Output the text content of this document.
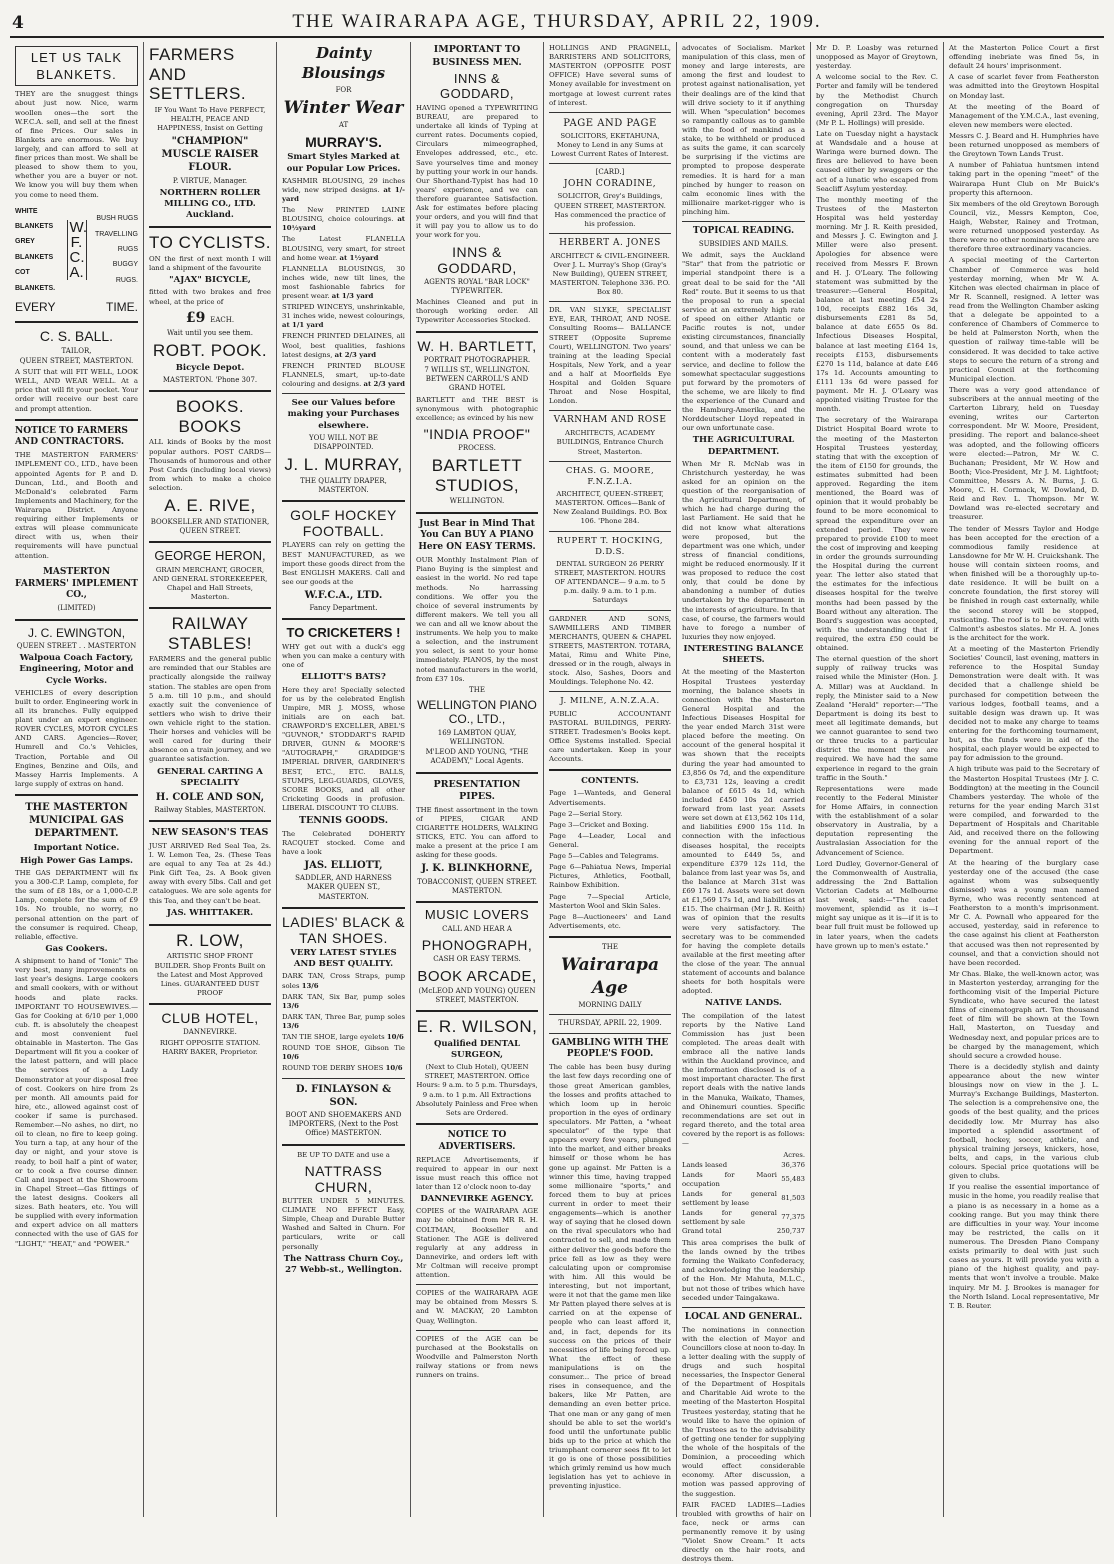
4	THE WAIRARAPA AGE, THURSDAY, APRIL 22, 1909.
LET US TALK BLANKETS.
THEY are the snuggest things about just now. Nice, warm woollen ones—the sort the W.F.C.A. sell, and sell at the finest of fine Prices. Our sales in Blankets are enormous. We buy largely, and can afford to sell at finer prices than most. We shall be pleased to show them to you, whether you are a buyer or not. We know you will buy them when you come to need them.
WHITE BLANKETS
GREY BLANKETS
COT BLANKETS.
W. F. C. A.
BUSH RUGS
TRAVELLING RUGS
BUGGY RUGS.
EVERY	TIME.
C. S. BALL.
TAILOR,
QUEEN STREET, MASTERTON.
A SUIT that will FIT WELL, LOOK WELL, AND WEAR WELL. At a price that will fit your pocket. Your order will receive our best care and prompt attention.
NOTICE TO FARMERS AND CONTRACTORS.
THE MASTERTON FARMERS' IMPLEMENT CO., LTD., have been appointed Agents for P. and D. Duncan, Ltd., and Booth and McDonald's celebrated Farm Implements and Machinery, for the Wairarapa District. Anyone requiring either Implements or extras will please communicate direct with us, when their requirements will have punctual attention.
MASTERTON FARMERS' IMPLEMENT CO.,
(LIMITED)
J. C. EWINGTON,
QUEEN STREET . . MASTERTON
Walpoua Coach Factory, Engineering, Motor and Cycle Works.
VEHICLES of every description built to order. Engineering work in all its branches. Fully equipped plant under an expert engineer. ROVER CYCLES, MOTOR CYCLES AND CARS. Agencies—Rover, Humrell and Co.'s Vehicles, Traction, Portable and Oil Engines, Benzine and Oils, and Massey Harris Implements. A large supply of extras on hand.
THE MASTERTON MUNICIPAL GAS DEPARTMENT.
Important Notice.
High Power Gas Lamps.
THE GAS DEPARTMENT will fix you a 300-C.P. Lamp, complete, for the sum of £8 18s, or a 1,000-C.P. Lamp, complete for the sum of £9 10s. No trouble, no worry, no personal attention on the part of the consumer is required. Cheap, reliable, effective.
Gas Cookers.
A shipment to hand of "Ionic" The very best, many improvements on last year's designs. Large cookers and small cookers, with or without hoods and plate racks. IMPORTANT TO HOUSEWIVES.—Gas for Cooking at 6/10 per 1,000 cub. ft. is absolutely the cheapest and most convenient fuel obtainable in Masterton. The Gas Department will fit you a cooker of the latest pattern, and will place the services of a Lady Demonstrator at your disposal free of cost. Cookers on hire from 2s per month. All amounts paid for hire, etc., allowed against cost of cooker if same is purchased. Remember.—No ashes, no dirt, no oil to clean, no fire to keep going. You turn a tap, at any hour of the day or night, and your stove is ready, to boil half a pint of water, or to cook a five course dinner. Call and inspect at the Showroom in Chapel Street—Gas fittings of the latest designs. Cookers all sizes. Bath heaters, etc. You will be supplied with every information and expert advice on all matters connected with the use of GAS for "LIGHT," "HEAT," and "POWER."
FARMERS AND SETTLERS.
IF You Want To Have PERFECT, HEALTH, PEACE AND HAPPINESS, Insist on Getting
"CHAMPION" MUSCLE RAISER FLOUR.
P. VIRTUE, Manager.
NORTHERN ROLLER MILLING CO., LTD. Auckland.
TO CYCLISTS.
ON the first of next month I will land a shipment of the favourite
"AJAX" BICYCLE,
fitted with two brakes and free wheel, at the price of
£9 EACH.
Wait until you see them.
ROBT. POOK.
Bicycle Depot.
MASTERTON. 'Phone 307.
BOOKS. BOOKS
ALL kinds of Books by the most popular authors. POST CARDS—Thousands of humorous and other Post Cards (including local views) from which to make a choice selection.
A. E. RIVE,
BOOKSELLER AND STATIONER, QUEEN STREET.
GEORGE HERON,
GRAIN MERCHANT, GROCER, AND GENERAL STOREKEEPER, Chapel and Hall Streets, Masterton.
RAILWAY STABLES!
FARMERS and the general public are reminded that our Stables are practically alongside the railway station. The stables are open from 5 a.m. till 10 p.m., and should exactly suit the convenience of settlers who wish to drive their own vehicle right to the station. Their horses and vehicles will be well cared for during their absence on a train journey, and we guarantee satisfaction.
GENERAL CARTING A SPECIALITY
H. COLE AND SON,
Railway Stables, MASTERTON.
NEW SEASON'S TEAS
JUST ARRIVED Red Seal Tea, 2s. I. W. Lemon Tea, 2s. (These Teas are equal to any Tea at 2s 4d.) Pink Gift Tea, 2s. A Book given away with every 5lbs. Call and get catalogues. We are sole agents for this Tea, and they can't be beat.
JAS. WHITTAKER.
R. LOW,
ARTISTIC SHOP FRONT BUILDER. Shop Fronts Built on the Latest and Most Approved Lines. GUARANTEED DUST PROOF
CLUB HOTEL,
DANNEVIRKE.
RIGHT OPPOSITE STATION. HARRY BAKER, Proprietor.
Dainty Blousings
FOR
Winter Wear
AT
MURRAY'S.
Smart Styles Marked at our Popular Low Prices.
KASHMIR BLOUSING, 29 inches wide, new striped designs. at 1/-yard
The New PRINTED LAINE BLOUSING, choice colourings. at 10½yard
The Latest FLANELLA BLOUSING, very smart, for street and home wear. at 1½yard
FLANNELLA BLOUSINGS, 30 inches wide, new tilt lines, the most fashionable fabrics for present wear. at 1/3 yard
STRIPED WINCEYS, unshrinkable, 31 inches wide, newest colourings, at 1/1 yard
FRENCH PRINTED DELAINES, all Wool, best qualities, fashions latest designs, at 2/3 yard
FRENCH PRINTED BLOUSE FLANNELS, smart, up-to-date colouring and designs. at 2/3 yard
See our Values before making your Purchases elsewhere.
YOU WILL NOT BE DISAPPOINTED.
J. L. MURRAY,
THE QUALITY DRAPER, MASTERTON.
GOLF HOCKEY FOOTBALL.
PLAYERS can rely on getting the BEST MANUFACTURED, as we import these goods direct from the Best ENGLISH MAKERS. Call and see our goods at the
W.F.C.A., LTD.
Fancy Department.
TO CRICKETERS !
WHY get out with a duck's egg when you can make a century with one of
ELLIOTT'S BATS?
Here they are! Specially selected for us by the celebrated English Umpire, MR J. MOSS, whose initials are on each bat. CRAWFORD'S EXCELLER, ABEL'S "GUVNOR," STODDART'S RAPID DRIVER, GUNN & MOORE'S "AUTOGRAPH," GRADIDGE'S IMPERIAL DRIVER, GARDINER'S BEST, ETC., ETC. BALLS, STUMPS, LEG-GUARDS, GLOVES, SCORE BOOKS, and all other Cricketing Goods in profusion. LIBERAL DISCOUNT TO CLUBS.
TENNIS GOODS.
The Celebrated DOHERTY RACQUET stocked. Come and have a look
JAS. ELLIOTT,
SADDLER, AND HARNESS MAKER QUEEN ST., MASTERTON.
LADIES' BLACK & TAN SHOES.
VERY LATEST STYLES AND BEST QUALITY.
DARK TAN, Cross Straps, pump soles 13/6
DARK TAN, Six Bar, pump soles 13/6
DARK TAN, Three Bar, pump soles 13/6
TAN TIE SHOE, large eyelets 10/6
ROUND TOE SHOE, Gibson Tie 10/6
ROUND TOE DERBY SHOES 10/6
D. FINLAYSON & SON.
BOOT AND SHOEMAKERS AND IMPORTERS, (Next to the Post Office) MASTERTON.
BE UP TO DATE and use a
NATTRASS CHURN,
BUTTER UNDER 5 MINUTES. CLIMATE NO EFFECT Easy, Simple, Cheap and Durable Butter Washed and Salted in Churn. For particulars, write or call personally
The Nattrass Churn Coy., 27 Webb-st., Wellington.
IMPORTANT TO BUSINESS MEN.
INNS & GODDARD,
HAVING opened a TYPEWRITING BUREAU, are prepared to undertake all kinds of Typing at current rates. Documents copied, Circulars mimeographed, Envelopes addressed, etc., etc. Save yourselves time and money by putting your work in our hands. Our Shorthand-Typist has had 10 years' experience, and we can therefore guarantee Satisfaction. Ask for estimates before placing your orders, and you will find that it will pay you to allow us to do your work for you.
INNS & GODDARD,
AGENTS ROYAL "BAR LOCK" TYPEWRITER.
Machines Cleaned and put in thorough working order. All Typewriter Accessories Stocked.
W. H. BARTLETT,
PORTRAIT PHOTOGRAPHER.
7 WILLIS ST., WELLINGTON. BETWEEN CARROLL'S AND GRAND HOTEL
BARTLETT and THE BEST is synonymous with photographic excellence; as evinced by his new
"INDIA PROOF"
PROCESS.
BARTLETT STUDIOS,
WELLINGTON.
Just Bear in Mind That You Can BUY A PIANO Here ON EASY TERMS.
OUR Monthly Instalment Plan of Piano Buying is the simplest and easiest in the world. No red tape methods. No harrassing conditions. We offer you the choice of several instruments by different makers. We tell you all we can and all we know about the instruments. We help you to make a selection, and the instrument you select, is sent to your home immediately. PIANOS, by the most noted manufacturers in the world, from £37 10s.
THE
WELLINGTON PIANO CO., LTD.,
169 LAMBTON QUAY, WELLINGTON.
M'LEOD AND YOUNG, "THE ACADEMY," Local Agents.
PRESENTATION PIPES.
THE finest assortment in the town of PIPES, CIGAR AND CIGARETTE HOLDERS, WALKING STICKS, ETC. You can afford to make a present at the price I am asking for these goods.
J. K. BLINKHORNE,
TOBACCONIST, QUEEN STREET. MASTERTON.
MUSIC LOVERS
CALL AND HEAR A
PHONOGRAPH,
CASH OR EASY TERMS.
BOOK ARCADE,
(McLEOD AND YOUNG) QUEEN STREET, MASTERTON.
E. R. WILSON,
Qualified DENTAL SURGEON,
(Next to Club Hotel), QUEEN STREET, MASTERTON. Office Hours: 9 a.m. to 5 p.m. Thursdays, 9 a.m. to 1 p.m. All Extractions Absolutely Painless and Free when Sets are Ordered.
NOTICE TO ADVERTISERS.
REPLACE Advertisements, if required to appear in our next issue must reach this office not later than 12 o'clock noon to-day
DANNEVIRKE AGENCY.
COPIES of the WAIRARAPA AGE may be obtained from MR R. H. COLTMAN, Bookseller and Stationer. The AGE is delivered regularly at any address in Dannevirke, and orders left with Mr Coltman will receive prompt attention.
COPIES of the WAIRARAPA AGE may be obtained from Messrs S. and W. MACKAY, 20 Lambton Quay, Wellington.
COPIES of the AGE can be purchased at the Bookstalls on Woodville and Palmerston North railway stations or from news runners on trains.
HOLLINGS AND PRAGNELL, BARRISTERS AND SOLICITORS, MASTERTON (OPPOSITE POST OFFICE) Have several sums of Money available for investment on mortgage at lowest current rates of interest.
PAGE AND PAGE
SOLICITORS, EKETAHUNA, Money to Lend in any Sums at Lowest Current Rates of Interest.
[CARD.]
JOHN CORADINE,
SOLICITOR, Grey's Buildings, QUEEN STREET, MASTERTON. Has commenced the practice of his profession.
HERBERT A. JONES
ARCHITECT & CIVIL-ENGINEER. Over J. L. Murray's Shop (Gray's New Building), QUEEN STREET, MASTERTON. Telephone 336. P.O. Box 80.
DR. VAN SLYKE, SPECIALIST EYE, EAR, THROAT, AND NOSE. Consulting Rooms— BALLANCE STREET (Opposite Supreme Court), WELLINGTON. Two years' training at the leading Special Hospitals, New York, and a year and a half at Moorfields Eye Hospital and Golden Square Throat and Nose Hospital, London.
VARNHAM AND ROSE
ARCHITECTS, ACADEMY BUILDINGS, Entrance Church Street, Masterton.
CHAS. G. MOORE, F.N.Z.I.A.
ARCHITECT, QUEEN-STREET, MASTERTON. Offices—Bank of New Zealand Buildings. P.O. Box 106. 'Phone 284.
RUPERT T. HOCKING, D.D.S.
DENTAL SURGEON 26 PERRY STREET, MASTERTON. HOURS OF ATTENDANCE— 9 a.m. to 5 p.m. daily. 9 a.m. to 1 p.m. Saturdays
GARDNER AND SONS, SAWMILLERS AND TIMBER MERCHANTS, QUEEN & CHAPEL STREETS, MASTERTON. TOTARA, Matai, Rimu and White Pine, dressed or in the rough, always in stock. Also, Sashes, Doors and Mouldings. Telephone No. 42.
J. MILNE, A.N.Z.A.A.
PUBLIC ACCOUNTANT PASTORAL BUILDINGS, PERRY-STREET. Tradesmen's Books kept. Office Systems installed. Special care undertaken. Keep in your Accounts.
CONTENTS.
Page 1—Wanteds, and General Advertisements.
Page 2—Serial Story.
Page 3—Cricket and Boxing.
Page 4—Leader, Local and General.
Page 5—Cables and Telegrams.
Page 6—Pahiatua News, Imperial Pictures, Athletics, Football, Rainbow Exhibition.
Page 7—Special Article, Masterton Wool and Skin Sales.
Page 8—Auctioneers' and Land Advertisements, etc.
THE
Wairarapa Age
MORNING DAILY
THURSDAY, APRIL 22, 1909.
GAMBLING WITH THE PEOPLE'S FOOD.
The cable has been busy during the last few days recording one of those great American gambles, the losses and profits attached to which loom up in heroic proportion in the eyes of ordinary speculators. Mr Patten, a "wheat speculator" of the type that appears every few years, plunged into the market, and either breaks himself or those whom he has gone up against. Mr Patten is a winner this time, having trapped some millionaire "sports," and forced them to buy at prices current in order to meet their engagements—which is another way of saying that he closed down on the rival speculators who had contracted to sell, and made them either deliver the goods before the price fell as low as they were calculating upon or compromise with him. All this would be interesting, but not important, were it not that the game men like Mr Patten played there selves at is carried on at the expense of people who can least afford it, and, in fact, depends for its success on the prices of their necessities of life being forced up. What the effect of these manipulations is on the consumer... The price of bread rises in consequence, and the bakers, like Mr Patten, are demanding an even better price. That one man or any gang of men should be able to set the world's food until the unfortunate public bids up to the price at which the triumphant cornerer sees fit to let it go is one of those possibilities which grimly remind us how much legislation has yet to achieve in preventing injustice.
advocates of Socialism. Market manipulation of this class, men of money and large interests, are among the first and loudest to protest against nationalisation, yet their dealings are of the kind that will drive society to it if anything will. When "speculation" becomes so rampantly callous as to gamble with the food of mankind as a stake, to be withheld or produced as suits the game, it can scarcely be surprising if the victims are prompted to propose desperate remedies. It is hard for a man pinched by hunger to reason on calm economic lines with the millionaire market-rigger who is pinching him.
TOPICAL READING.
SUBSIDIES AND MAILS.
We admit, says the Auckland "Star" that from the patriotic or imperial standpoint there is a great deal to be said for the "All Red" route. But it seems to us that the proposal to run a special service at an extremely high rate of speed on either Atlantic or Pacific routes is not, under existing circumstances, financially sound, and that unless we can be content with a moderately fast service, and decline to follow the somewhat spectacular suggestions put forward by the promoters of the scheme, we are likely to find the experience of the Cunard and the Hamburg-Amerika, and the Norddeutscher Lloyd repeated in our own unfortunate case.
THE AGRICULTURAL DEPARTMENT.
When Mr R. McNab was in Christchurch yesterday, he was asked for an opinion on the question of the reorganisation of the Agricultural Department, of which he had charge during the last Parliament. He said that he did not know what alterations were proposed, but the department was one which, under stress of financial conditions, might be reduced enormously. If it was proposed to reduce the cost only, that could be done by abandoning a number of duties undertaken by the department in the interests of agriculture. In that case, of course, the farmers would have to forego a number of luxuries they now enjoyed.
INTERESTING BALANCE SHEETS.
At the meeting of the Masterton Hospital Trustees yesterday morning, the balance sheets in connection with the Masterton General Hospital and the Infectious Diseases Hospital for the year ended March 31st were placed before the meeting. On account of the general hospital it was shown that the receipts during the year had amounted to £3,856 0s 7d, and the expenditure to £3,731 12s, leaving a credit balance of £615 4s 1d, which included £450 10s 2d carried forward from last year. Assets were set down at £13,562 10s 11d, and liabilities £900 15s 11d. In connection with the infectious diseases hospital, the receipts amounted to £449 5s, and expenditure £379 12s 11d, the balance from last year was 5s, and the balance at March 31st was £69 17s 1d. Assets were set down at £1,569 17s 1d, and liabilities at £15. The chairman (Mr J. R. Keith) was of opinion that the results were very satisfactory. The secretary was to be commended for having the complete details available at the first meeting after the close of the year. The annual statement of accounts and balance sheets for both hospitals were adopted.
NATIVE LANDS.
The compilation of the latest reports by the Native Land Commission has just been completed. The areas dealt with embrace all the native lands within the Auckland province, and the information disclosed is of a most important character. The first report deals with the native lands in the Manuka, Waikato, Thames, and Ohinemuri counties. Specific recommendations are set out in regard thereto, and the total area covered by the report is as follows:—
	Acres.
Lands leased	36,376
Lands for Maori occupation	55,483
Lands for general settlement by lease	81,503
Lands for general settlement by sale	77,375
Grand total	250,737
This area comprises the bulk of the lands owned by the tribes forming the Waikato Confederacy, and acknowledging the leadership of the Hon. Mr Mahuta, M.L.C., but not those of tribes which have seceded under Taingakawa.
LOCAL AND GENERAL.
The nominations in connection with the election of Mayor and Councillors close at noon to-day. In a letter dealing with the supply of drugs and such hospital necessaries, the Inspector General of the Department of Hospitals and Charitable Aid wrote to the meeting of the Masterton Hospital Trustees yesterday, stating that he would like to have the opinion of the Trustees as to the advisability of getting one tender for supplying the whole of the hospitals of the Dominion, a proceeding which would effect considerable economy. After discussion, a motion was passed approving of the suggestion.
FAIR FACED LADIES—Ladies troubled with growths of hair on face, neck or arms can permanently remove it by using "Violet Snow Cream." It acts directly on the hair roots, and destroys them.
Mr D. P. Loasby was returned unopposed as Mayor of Greytown, yesterday.
A welcome social to the Rev. C. Porter and family will be tendered by the Methodist Church congregation on Thursday evening, April 23rd. The Mayor (Mr P. L. Hollings) will preside.
Late on Tuesday night a haystack at Wandsdale and a house at Waringa were burned down. The fires are believed to have been caused either by swaggers or the act of a lunatic who escaped from Seacliff Asylum yesterday.
The monthly meeting of the Trustees of the Masterton Hospital was held yesterday morning. Mr J. R. Keith presided, and Messrs J. C. Ewington and J. Miller were also present. Apologies for absence were received from Messrs F. Brown and H. J. O'Leary. The following statement was submitted by the treasurer:—General Hospital, balance at last meeting £54 2s 10d, receipts £882 16s 3d, disbursements £281 8s 5d, balance at date £655 0s 8d. Infectious Diseases Hospital, balance at last meeting £164 1s, receipts £153, disbursements £270 1s 11d, balance at date £46 17s 1d. Accounts amounting to £111 13s 6d were passed for payment. Mr H. J. O'Leary was appointed visiting Trustee for the month.
The secretary of the Wairarapa District Hospital Board wrote to the meeting of the Masterton Hospital Trustees yesterday, stating that with the exception of the item of £150 for grounds, the estimates submitted had been approved. Regarding the item mentioned, the Board was of opinion that it would probably be found to be more economical to spread the expenditure over an extended period. They were prepared to provide £100 to meet the cost of improving and keeping in order the grounds surrounding the Hospital during the current year. The letter also stated that the estimates for the infectious diseases hospital for the twelve months had been passed by the Board without any alteration. The Board's suggestion was accepted, with the understanding that if required, the extra £50 could be obtained.
The eternal question of the short supply of railway trucks was raised while the Minister (Hon. J. A. Millar) was at Auckland. In reply, the Minister said to a New Zealand "Herald" reporter:—"The Department is doing its best to meet all legitimate demands, but we cannot guarantee to send two or three trucks to a particular district the moment they are required. We have had the same experience in regard to the grain traffic in the South."
Representations were made recently to the Federal Minister for Home Affairs, in connection with the establishment of a solar observatory in Australia, by a deputation representing the Australasian Association for the Advancement of Science.
Lord Dudley, Governor-General of the Commonwealth of Australia, addressing the 2nd Battalion Victorian Cadets at Melbourne last week, said:—"The cadet movement, splendid as it is—I might say unique as it is—if it is to bear full fruit must be followed up in later years, when the cadets have grown up to men's estate."
At the Masterton Police Court a first offending inebriate was fined 5s, in default 24 hours' imprisonment.
A case of scarlet fever from Featherston was admitted into the Greytown Hospital on Monday last.
At the meeting of the Board of Management of the Y.M.C.A., last evening, eleven new members were elected.
Messrs C. J. Beard and H. Humphries have been returned unopposed as members of the Greytown Town Lands Trust.
A number of Pahiatua huntsmen intend taking part in the opening "meet" of the Wairarapa Hunt Club on Mr Buick's property this afternoon.
Six members of the old Greytown Borough Council, viz., Messrs Kempton, Coe, Haigh, Webster, Rainey and Trotman, were returned unopposed yesterday. As there were no other nominations there are therefore three extraordinary vacancies.
A special meeting of the Carterton Chamber of Commerce was held yesterday morning, when Mr W. A. Kitchen was elected chairman in place of Mr R. Scannell, resigned. A letter was read from the Wellington Chamber asking that a delegate be appointed to a conference of Chambers of Commerce to be held at Palmerston North, when the question of railway time-table will be considered. It was decided to take active steps to secure the return of a strong and practical Council at the forthcoming Municipal election.
There was a very good attendance of subscribers at the annual meeting of the Carterton Library, held on Tuesday evening, writes our Carterton correspondent. Mr W. Moore, President, presiding. The report and balance-sheet was adopted, and the following officers were elected:—Patron, Mr W. C. Buchanan; President, Mr W. How and Booth; Vice-President, Mr J. M. Lightfoot; Committee, Messrs A. N. Burns, J. G. Moore, C. H. Cormack, W. Dowland, D. Reid and Rev. L. Thompson. Mr W. Dowland was re-elected secretary and treasurer.
The tender of Messrs Taylor and Hodge has been accepted for the erection of a commodious family residence at Lansdowne for Mr W. H. Cruickshank. The house will contain sixteen rooms, and when finished will be a thoroughly up-to-date residence. It will be built on a concrete foundation, the first storey will be finished in rough cast externally, while the second storey will be stopped, rusticating. The roof is to be covered with Calmont's asbestos slates. Mr H. A. Jones is the architect for the work.
At a meeting of the Masterton Friendly Societies' Council, last evening, matters in reference to the Hospital Sunday Demonstration were dealt with. It was decided that a challenge shield be purchased for competition between the various lodges, football teams, and a suitable design was drawn up. It was decided not to make any charge to teams entering for the forthcoming tournament, but, as the funds were in aid of the hospital, each player would be expected to pay for admission to the ground.
A high tribute was paid to the Secretary of the Masterton Hospital Trustees (Mr J. C. Boddington) at the meeting in the Council Chambers yesterday. The whole of the returns for the year ending March 31st were compiled, and forwarded to the Department of Hospitals and Charitable Aid, and received there on the following evening for the annual report of the Department.
At the hearing of the burglary case yesterday one of the accused (the case against whom was subsequently dismissed) was a young man named Byrne, who was recently sentenced at Featherston to a month's imprisonment. Mr C. A. Pownall who appeared for the accused, yesterday, said in reference to the case against his client at Featherston that accused was then not represented by counsel, and that a conviction should not have been recorded.
Mr Chas. Blake, the well-known actor, was in Masterton yesterday, arranging for the forthcoming visit of the Imperial Picture Syndicate, who have secured the latest films of cinematograph art. Ten thousand feet of film will be shown at the Town Hall, Masterton, on Tuesday and Wednesday next, and popular prices are to be charged by the management, which should secure a crowded house.
There is a decidedly stylish and dainty appearance about the new winter blousings now on view in the J. L. Murray's Exchange Buildings, Masterton. The selection is a comprehensive one, the goods of the best quality, and the prices decidedly low. Mr Murray has also imported a splendid assortment of football, hockey, soccer, athletic, and physical training jerseys, knickers, hose, belts, and caps, in the various club colours. Special price quotations will be given to clubs.
If you realise the essential importance of music in the home, you readily realise that a piano is as necessary in a home as a cooking range. But you may think there are difficulties in your way. Your income may be restricted, the calls on it numerous. The Dresden Piano Company exists primarily to deal with just such cases as yours. It will provide you with a piano of the highest quality, and pay-ments that won't involve a trouble. Make inquiry. Mr M. J. Brookes is manager for the North Island. Local representative, Mr T. B. Reuter.
